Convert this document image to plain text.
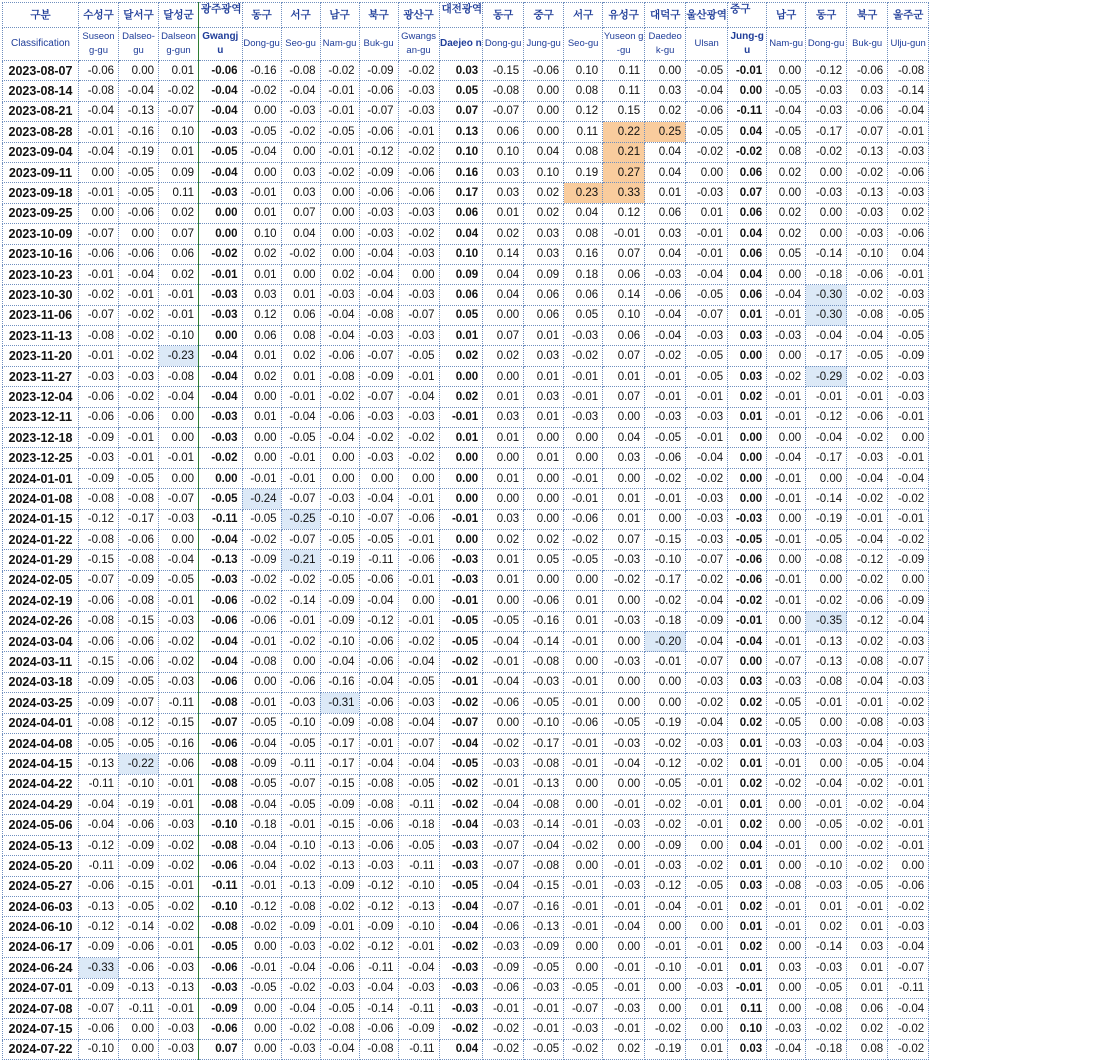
구분	수성구	달서구	달성군	광주광역	동구	서구	남구	북구	광산구	대전광역	동구	중구	서구	유성구	대덕구	울산광역	중구	남구	동구	북구	울주군
Classification	Suseon g-gu	Dalseo- gu	Dalseon g-gun	Gwangj u	Dong-gu	Seo-gu	Nam-gu	Buk-gu	Gwangs an-gu	Daejeo n	Dong-gu	Jung-gu	Seo-gu	Yuseon g-gu	Daedeo k-gu	Ulsan	Jung-gu	Nam-gu	Dong-gu	Buk-gu	Ulju-gun
2023-08-07	-0.06	0.00	0.01	-0.06	-0.16	-0.08	-0.02	-0.09	-0.02	0.03	-0.15	-0.06	0.10	0.11	0.00	-0.05	-0.01	0.00	-0.12	-0.06	-0.08
2023-08-14	-0.08	-0.04	-0.02	-0.04	-0.02	-0.04	-0.01	-0.06	-0.03	0.05	-0.08	0.00	0.08	0.11	0.03	-0.04	0.00	-0.05	-0.03	0.03	-0.14
2023-08-21	-0.04	-0.13	-0.07	-0.04	0.00	-0.03	-0.01	-0.07	-0.03	0.07	-0.07	0.00	0.12	0.15	0.02	-0.06	-0.11	-0.04	-0.03	-0.06	-0.04
2023-08-28	-0.01	-0.16	0.10	-0.03	-0.05	-0.02	-0.05	-0.06	-0.01	0.13	0.06	0.00	0.11	0.22	0.25	-0.05	0.04	-0.05	-0.17	-0.07	-0.01
2023-09-04	-0.04	-0.19	0.01	-0.05	-0.04	0.00	-0.01	-0.12	-0.02	0.10	0.10	0.04	0.08	0.21	0.04	-0.02	-0.02	0.08	-0.02	-0.13	-0.03
2023-09-11	0.00	-0.05	0.09	-0.04	0.00	0.03	-0.02	-0.09	-0.06	0.16	0.03	0.10	0.19	0.27	0.04	0.00	0.06	0.02	0.00	-0.02	-0.06
2023-09-18	-0.01	-0.05	0.11	-0.03	-0.01	0.03	0.00	-0.06	-0.06	0.17	0.03	0.02	0.23	0.33	0.01	-0.03	0.07	0.00	-0.03	-0.13	-0.03
2023-09-25	0.00	-0.06	0.02	0.00	0.01	0.07	0.00	-0.03	-0.03	0.06	0.01	0.02	0.04	0.12	0.06	0.01	0.06	0.02	0.00	-0.03	0.02
2023-10-09	-0.07	0.00	0.07	0.00	0.10	0.04	0.00	-0.03	-0.02	0.04	0.02	0.03	0.08	-0.01	0.03	-0.01	0.04	0.02	0.00	-0.03	-0.06
2023-10-16	-0.06	-0.06	0.06	-0.02	0.02	-0.02	0.00	-0.04	-0.03	0.10	0.14	0.03	0.16	0.07	0.04	-0.01	0.06	0.05	-0.14	-0.10	0.04
2023-10-23	-0.01	-0.04	0.02	-0.01	0.01	0.00	0.02	-0.04	0.00	0.09	0.04	0.09	0.18	0.06	-0.03	-0.04	0.04	0.00	-0.18	-0.06	-0.01
2023-10-30	-0.02	-0.01	-0.01	-0.03	0.03	0.01	-0.03	-0.04	-0.03	0.06	0.04	0.06	0.06	0.14	-0.06	-0.05	0.06	-0.04	-0.30	-0.02	-0.03
2023-11-06	-0.07	-0.02	-0.01	-0.03	0.12	0.06	-0.04	-0.08	-0.07	0.05	0.00	0.06	0.05	0.10	-0.04	-0.07	0.01	-0.01	-0.30	-0.08	-0.05
2023-11-13	-0.08	-0.02	-0.10	0.00	0.06	0.08	-0.04	-0.03	-0.03	0.01	0.07	0.01	-0.03	0.06	-0.04	-0.03	0.03	-0.03	-0.04	-0.04	-0.05
2023-11-20	-0.01	-0.02	-0.23	-0.04	0.01	0.02	-0.06	-0.07	-0.05	0.02	0.02	0.03	-0.02	0.07	-0.02	-0.05	0.00	0.00	-0.17	-0.05	-0.09
2023-11-27	-0.03	-0.03	-0.08	-0.04	0.02	0.01	-0.08	-0.09	-0.01	0.00	0.00	0.01	-0.01	0.01	-0.01	-0.05	0.03	-0.02	-0.29	-0.02	-0.03
2023-12-04	-0.06	-0.02	-0.04	-0.04	0.00	-0.01	-0.02	-0.07	-0.04	0.02	0.01	0.03	-0.01	0.07	-0.01	-0.01	0.02	-0.01	-0.01	-0.01	-0.03
2023-12-11	-0.06	-0.06	0.00	-0.03	0.01	-0.04	-0.06	-0.03	-0.03	-0.01	0.03	0.01	-0.03	0.00	-0.03	-0.03	0.01	-0.01	-0.12	-0.06	-0.01
2023-12-18	-0.09	-0.01	0.00	-0.03	0.00	-0.05	-0.04	-0.02	-0.02	0.01	0.01	0.00	0.00	0.04	-0.05	-0.01	0.00	0.00	-0.04	-0.02	0.00
2023-12-25	-0.03	-0.01	-0.01	-0.02	0.00	-0.01	0.00	-0.03	-0.02	0.00	0.00	0.01	0.00	0.03	-0.06	-0.04	0.00	-0.04	-0.17	-0.03	-0.01
2024-01-01	-0.09	-0.05	0.00	0.00	-0.01	-0.01	0.00	0.00	0.00	0.00	0.01	0.00	-0.01	0.00	-0.02	-0.02	0.00	-0.01	0.00	-0.04	-0.04
2024-01-08	-0.08	-0.08	-0.07	-0.05	-0.24	-0.07	-0.03	-0.04	-0.01	0.00	0.00	0.00	-0.01	0.01	-0.01	-0.03	0.00	-0.01	-0.14	-0.02	-0.02
2024-01-15	-0.12	-0.17	-0.03	-0.11	-0.05	-0.25	-0.10	-0.07	-0.06	-0.01	0.03	0.00	-0.06	0.01	0.00	-0.03	-0.03	0.00	-0.19	-0.01	-0.01
2024-01-22	-0.08	-0.06	0.00	-0.04	-0.02	-0.07	-0.05	-0.05	-0.01	0.00	0.02	0.02	-0.02	0.07	-0.15	-0.03	-0.05	-0.01	-0.05	-0.04	-0.02
2024-01-29	-0.15	-0.08	-0.04	-0.13	-0.09	-0.21	-0.19	-0.11	-0.06	-0.03	0.01	0.05	-0.05	-0.03	-0.10	-0.07	-0.06	0.00	-0.08	-0.12	-0.09
2024-02-05	-0.07	-0.09	-0.05	-0.03	-0.02	-0.02	-0.05	-0.06	-0.01	-0.03	0.01	0.00	0.00	-0.02	-0.17	-0.02	-0.06	-0.01	0.00	-0.02	0.00
2024-02-19	-0.06	-0.08	-0.01	-0.06	-0.02	-0.14	-0.09	-0.04	0.00	-0.01	0.00	-0.06	0.01	0.00	-0.02	-0.04	-0.02	-0.01	-0.02	-0.06	-0.09
2024-02-26	-0.08	-0.15	-0.03	-0.06	-0.06	-0.01	-0.09	-0.12	-0.01	-0.05	-0.05	-0.16	0.01	-0.03	-0.18	-0.09	-0.01	0.00	-0.35	-0.12	-0.04
2024-03-04	-0.06	-0.06	-0.02	-0.04	-0.01	-0.02	-0.10	-0.06	-0.02	-0.05	-0.04	-0.14	-0.01	0.00	-0.20	-0.04	-0.04	-0.01	-0.13	-0.02	-0.03
2024-03-11	-0.15	-0.06	-0.02	-0.04	-0.08	0.00	-0.04	-0.06	-0.04	-0.02	-0.01	-0.08	0.00	-0.03	-0.01	-0.07	0.00	-0.07	-0.13	-0.08	-0.07
2024-03-18	-0.09	-0.05	-0.03	-0.06	0.00	-0.06	-0.16	-0.04	-0.05	-0.01	-0.04	-0.03	-0.01	0.00	0.00	-0.03	0.03	-0.03	-0.08	-0.04	-0.03
2024-03-25	-0.09	-0.07	-0.11	-0.08	-0.01	-0.03	-0.31	-0.06	-0.03	-0.02	-0.06	-0.05	-0.01	0.00	0.00	-0.02	0.02	-0.05	-0.01	-0.01	-0.02
2024-04-01	-0.08	-0.12	-0.15	-0.07	-0.05	-0.10	-0.09	-0.08	-0.04	-0.07	0.00	-0.10	-0.06	-0.05	-0.19	-0.04	0.02	-0.05	0.00	-0.08	-0.03
2024-04-08	-0.05	-0.05	-0.16	-0.06	-0.04	-0.05	-0.17	-0.01	-0.07	-0.04	-0.02	-0.17	-0.01	-0.03	-0.02	-0.03	0.01	-0.03	-0.03	-0.04	-0.03
2024-04-15	-0.13	-0.22	-0.06	-0.08	-0.09	-0.11	-0.17	-0.04	-0.04	-0.05	-0.03	-0.08	-0.01	-0.04	-0.12	-0.02	0.01	-0.01	0.00	-0.05	-0.04
2024-04-22	-0.11	-0.10	-0.01	-0.08	-0.05	-0.07	-0.15	-0.08	-0.05	-0.02	-0.01	-0.13	0.00	0.00	-0.05	-0.01	0.02	-0.02	-0.04	-0.02	-0.01
2024-04-29	-0.04	-0.19	-0.01	-0.08	-0.04	-0.05	-0.09	-0.08	-0.11	-0.02	-0.04	-0.08	0.00	-0.01	-0.02	-0.01	0.01	0.00	-0.01	-0.02	-0.04
2024-05-06	-0.04	-0.06	-0.03	-0.10	-0.18	-0.01	-0.15	-0.06	-0.18	-0.04	-0.03	-0.14	-0.01	-0.03	-0.02	-0.01	0.02	0.00	-0.05	-0.02	-0.01
2024-05-13	-0.12	-0.09	-0.02	-0.08	-0.04	-0.10	-0.13	-0.06	-0.05	-0.03	-0.07	-0.04	-0.02	0.00	-0.09	0.00	0.04	-0.01	0.00	-0.02	-0.01
2024-05-20	-0.11	-0.09	-0.02	-0.06	-0.04	-0.02	-0.13	-0.03	-0.11	-0.03	-0.07	-0.08	0.00	-0.01	-0.03	-0.02	0.01	0.00	-0.10	-0.02	0.00
2024-05-27	-0.06	-0.15	-0.01	-0.11	-0.01	-0.13	-0.09	-0.12	-0.10	-0.05	-0.04	-0.15	-0.01	-0.03	-0.12	-0.05	0.03	-0.08	-0.03	-0.05	-0.06
2024-06-03	-0.13	-0.05	-0.02	-0.10	-0.12	-0.08	-0.02	-0.12	-0.13	-0.04	-0.07	-0.16	-0.01	-0.01	-0.04	-0.01	0.02	-0.01	0.01	-0.01	-0.02
2024-06-10	-0.12	-0.14	-0.02	-0.08	-0.02	-0.09	-0.01	-0.09	-0.10	-0.04	-0.06	-0.13	-0.01	-0.04	0.00	0.00	0.01	-0.01	0.02	0.01	-0.03
2024-06-17	-0.09	-0.06	-0.01	-0.05	0.00	-0.03	-0.02	-0.12	-0.01	-0.02	-0.03	-0.09	0.00	0.00	-0.01	-0.01	0.02	0.00	-0.14	0.03	-0.04
2024-06-24	-0.33	-0.06	-0.03	-0.06	-0.01	-0.04	-0.06	-0.11	-0.04	-0.03	-0.09	-0.05	0.00	-0.01	-0.10	-0.01	0.01	0.03	-0.03	0.01	-0.07
2024-07-01	-0.09	-0.13	-0.13	-0.03	-0.05	-0.02	-0.03	-0.04	-0.03	-0.03	-0.06	-0.03	-0.05	-0.01	0.00	-0.03	-0.01	0.00	-0.05	0.01	-0.11
2024-07-08	-0.07	-0.11	-0.01	-0.09	0.00	-0.04	-0.05	-0.14	-0.11	-0.03	-0.01	-0.01	-0.07	-0.03	0.00	0.01	0.11	0.00	-0.08	0.06	-0.04
2024-07-15	-0.06	0.00	-0.03	-0.06	0.00	-0.02	-0.08	-0.06	-0.09	-0.02	-0.02	-0.01	-0.03	-0.01	-0.02	0.00	0.10	-0.03	-0.02	0.02	-0.02
2024-07-22	-0.10	0.00	-0.03	0.07	0.00	-0.03	-0.04	-0.08	-0.11	0.04	-0.02	-0.05	-0.02	0.02	-0.19	0.01	0.03	-0.04	-0.18	0.08	-0.02
